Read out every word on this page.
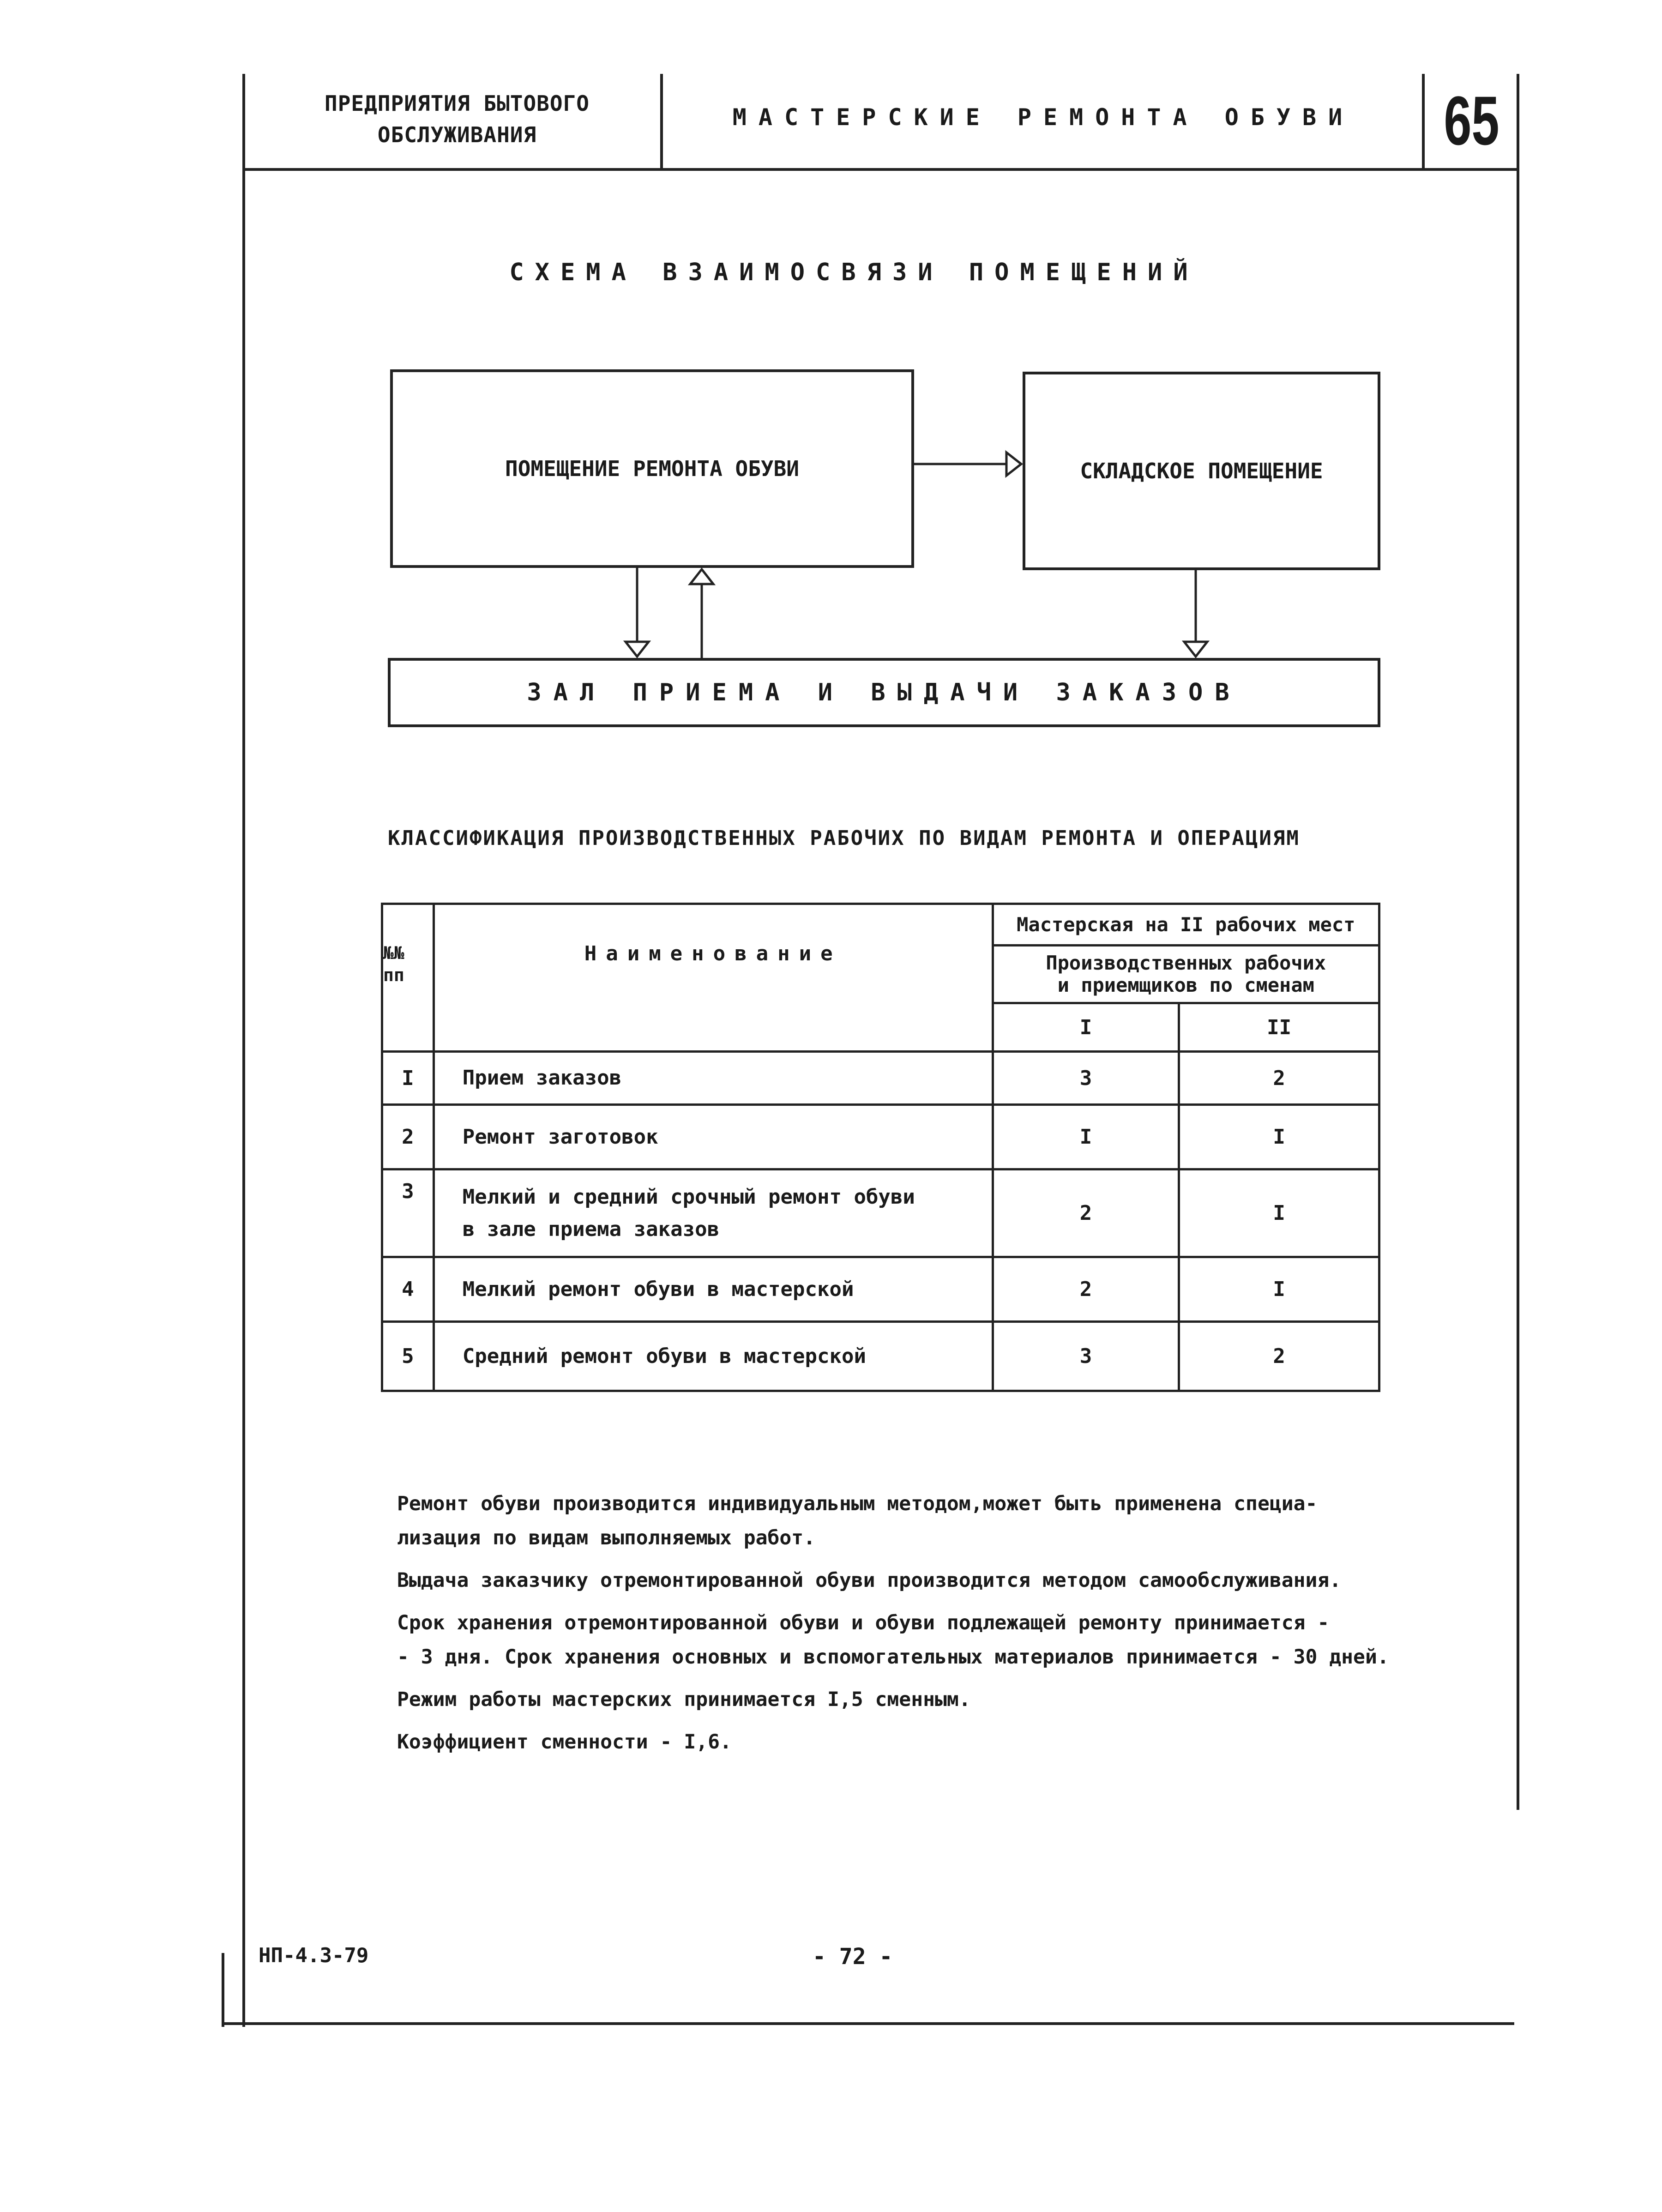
ПРЕДПРИЯТИЯ БЫТОВОГО
ОБСЛУЖИВАНИЯ
МАСТЕРСКИЕ РЕМОНТА ОБУВИ	65
СХЕМА ВЗАИМОСВЯЗИ ПОМЕЩЕНИЙ
ПОМЕЩЕНИЕ РЕМОНТА ОБУВИ	СКЛАДСКОЕ ПОМЕЩЕНИЕ
ЗАЛ ПРИЕМА И ВЫДАЧИ ЗАКАЗОВ
КЛАССИФИКАЦИЯ ПРОИЗВОДСТВЕННЫХ РАБОЧИХ ПО ВИДАМ РЕМОНТА И ОПЕРАЦИЯМ
№№ пп	Наименование	Мастерская на II рабочих мест	

		Производственных рабочих
и приемщиков по сменам	

		I	II
I	Прием заказов	3	2
2	Ремонт заготовок	I	I
3	Мелкий и средний срочный ремонт обуви
в зале приема заказов	2	I
4	Мелкий ремонт обуви в мастерской	2	I
5	Средний ремонт обуви в мастерской	3	2

Ремонт обуви производится индивидуальным методом,может быть применена специа-
лизация по видам выполняемых работ.

Выдача заказчику отремонтированной обуви производится методом самообслуживания.

Срок хранения отремонтированной обуви и обуви подлежащей ремонту принимается -
- 3 дня. Срок хранения основных и вспомогательных материалов принимается - 30 дней.

Режим работы мастерских принимается I,5 сменным.

Коэффициент сменности - I,6.

НП-4.3-79	- 72 -
